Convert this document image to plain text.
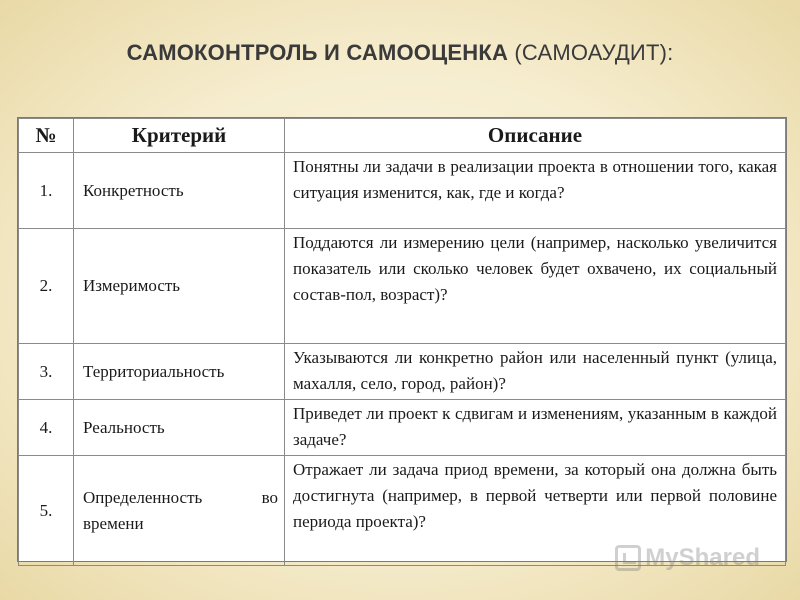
САМОКОНТРОЛЬ И САМООЦЕНКА (САМОАУДИТ):
№	Критерий	Описание
1.	Конкретность	Понятны ли задачи в реализации проекта в отношении того, какая ситуация изменится, как, где и когда?
2.	Измеримость	Поддаются ли измерению цели (например, насколько увеличится показатель или сколько человек будет охвачено, их социальный состав-пол, возраст)?
3.	Территориальность	Указываются ли конкретно район или населенный пункт (улица, махалля, село, город, район)?
4.	Реальность	Приведет ли проект к сдвигам и изменениям, указанным в каждой задаче?
5.	Определенность во времени	Отражает ли задача приод времени, за который она должна быть достигнута (например, в первой четверти или первой половине периода проекта)?
MyShared
